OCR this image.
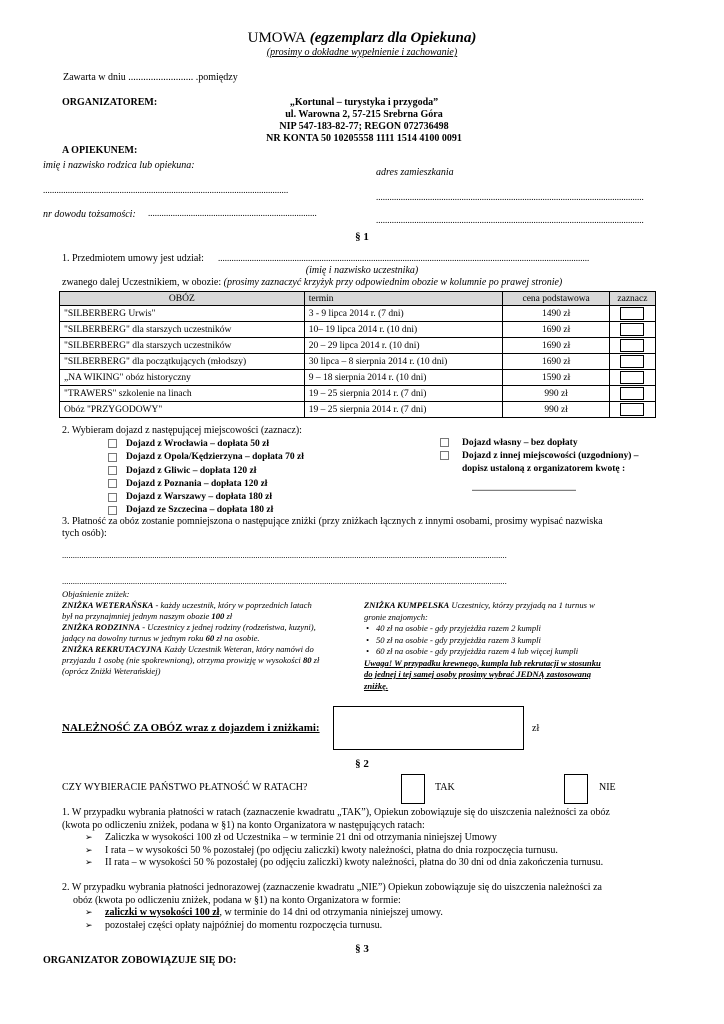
UMOWA (egzemplarz dla Opiekuna)
(prosimy o dokładne wypełnienie i zachowanie)
Zawarta w dniu .......................... .pomiędzy
ORGANIZATOREM:	„Kortunal – turystyka i przygoda”
ul. Warowna 2, 57-215 Srebrna Góra
NIP 547-183-82-77; REGON 072736498
NR KONTA 50 10205558 1111 1514 4100 0091
A OPIEKUNEM:
imię i nazwisko rodzica lub opiekuna:
adres zamieszkania
.............................................................................................................
.......................................................................................................................
nr dowodu tożsamości: ...........................................................................
.......................................................................................................................
§ 1
1. Przedmiotem umowy jest udział: .....................................................................................................................................................................
(imię i nazwisko uczestnika)
zwanego dalej Uczestnikiem, w obozie: (prosimy zaznaczyć krzyżyk przy odpowiednim obozie w kolumnie po prawej stronie)
OBÓZ	termin	cena podstawowa	zaznacz
"SILBERBERG Urwis"	3 - 9 lipca 2014 r. (7 dni)	1490 zł	

"SILBERBERG" dla starszych uczestników	10– 19 lipca 2014 r. (10 dni)	1690 zł	

"SILBERBERG" dla starszych uczestników	20 – 29 lipca 2014 r. (10 dni)	1690 zł	

"SILBERBERG" dla początkujących (młodszy)	30 lipca – 8 sierpnia 2014 r. (10 dni)	1690 zł	

„NA WIKING" obóz historyczny	9 – 18 sierpnia 2014 r. (10 dni)	1590 zł	

"TRAWERS" szkolenie na linach	19 – 25 sierpnia 2014 r. (7 dni)	990 zł	

Obóz "PRZYGODOWY"	19 – 25 sierpnia 2014 r. (7 dni)	990 zł	
2. Wybieram dojazd z następującej miejscowości (zaznacz):
Dojazd z Wrocławia – dopłata 50 zł
Dojazd z Opola/Kędzierzyna – dopłata 70 zł
Dojazd z Gliwic – dopłata 120 zł
Dojazd z Poznania – dopłata 120 zł
Dojazd z Warszawy – dopłata 180 zł
Dojazd ze Szczecina – dopłata 180 zł
Dojazd własny – bez dopłaty
Dojazd z innej miejscowości (uzgodniony) –
dopisz ustaloną z organizatorem kwotę :
....................................................
3. Płatność za obóz zostanie pomniejszona o następujące zniżki (przy zniżkach łącznych z innymi osobami, prosimy wypisać nazwiska
tych osób):
...............................................................................................................................................................................................................
...............................................................................................................................................................................................................
Objaśnienie zniżek:
ZNIŻKA WETERAŃSKA - każdy uczestnik, który w poprzednich latach
był na przynajmniej jednym naszym obozie 100 zł
ZNIŻKA RODZINNA - Uczestnicy z jednej rodziny (rodzeństwa, kuzyni),
jadący na dowolny turnus w jednym roku 60 zł na osobie.
ZNIŻKA REKRUTACYJNA Każdy Uczestnik Weteran, który namówi do
przyjazdu 1 osobę (nie spokrewnioną), otrzyma prowizję w wysokości 80 zł
(oprócz Zniżki Weterańskiej)
ZNIŻKA KUMPELSKA Uczestnicy, którzy przyjadą na 1 turnus w
gronie znajomych:
• 40 zł na osobie - gdy przyjeżdża razem 2 kumpli
• 50 zł na osobie - gdy przyjeżdża razem 3 kumpli
• 60 zł na osobie - gdy przyjeżdża razem 4 lub więcej kumpli
Uwaga! W przypadku krewnego, kumpla lub rekrutacji w stosunku
do jednej i tej samej osoby prosimy wybrać JEDNĄ zastosowaną
zniżkę.
NALEŻNOŚĆ ZA OBÓZ wraz z dojazdem i zniżkami:	zł
§ 2
CZY WYBIERACIE PAŃSTWO PŁATNOŚĆ W RATACH?	TAK	NIE
1. W przypadku wybrania płatności w ratach (zaznaczenie kwadratu „TAK”), Opiekun zobowiązuje się do uiszczenia należności za obóz
(kwota po odliczeniu zniżek, podana w §1) na konto Organizatora w następujących ratach:
➢ Zaliczka w wysokości 100 zł od Uczestnika – w terminie 21 dni od otrzymania niniejszej Umowy
➢ I rata – w wysokości 50 % pozostałej (po odjęciu zaliczki) kwoty należności, płatna do dnia rozpoczęcia turnusu.
➢ II rata – w wysokości 50 % pozostałej (po odjęciu zaliczki) kwoty należności, płatna do 30 dni od dnia zakończenia turnusu.
2. W przypadku wybrania płatności jednorazowej (zaznaczenie kwadratu „NIE”) Opiekun zobowiązuje się do uiszczenia należności za
obóz (kwota po odliczeniu zniżek, podana w §1) na konto Organizatora w formie:
➢ zaliczki w wysokości 100 zł, w terminie do 14 dni od otrzymania niniejszej umowy.
➢ pozostałej części opłaty najpóźniej do momentu rozpoczęcia turnusu.
§ 3
ORGANIZATOR ZOBOWIĄZUJE SIĘ DO:
